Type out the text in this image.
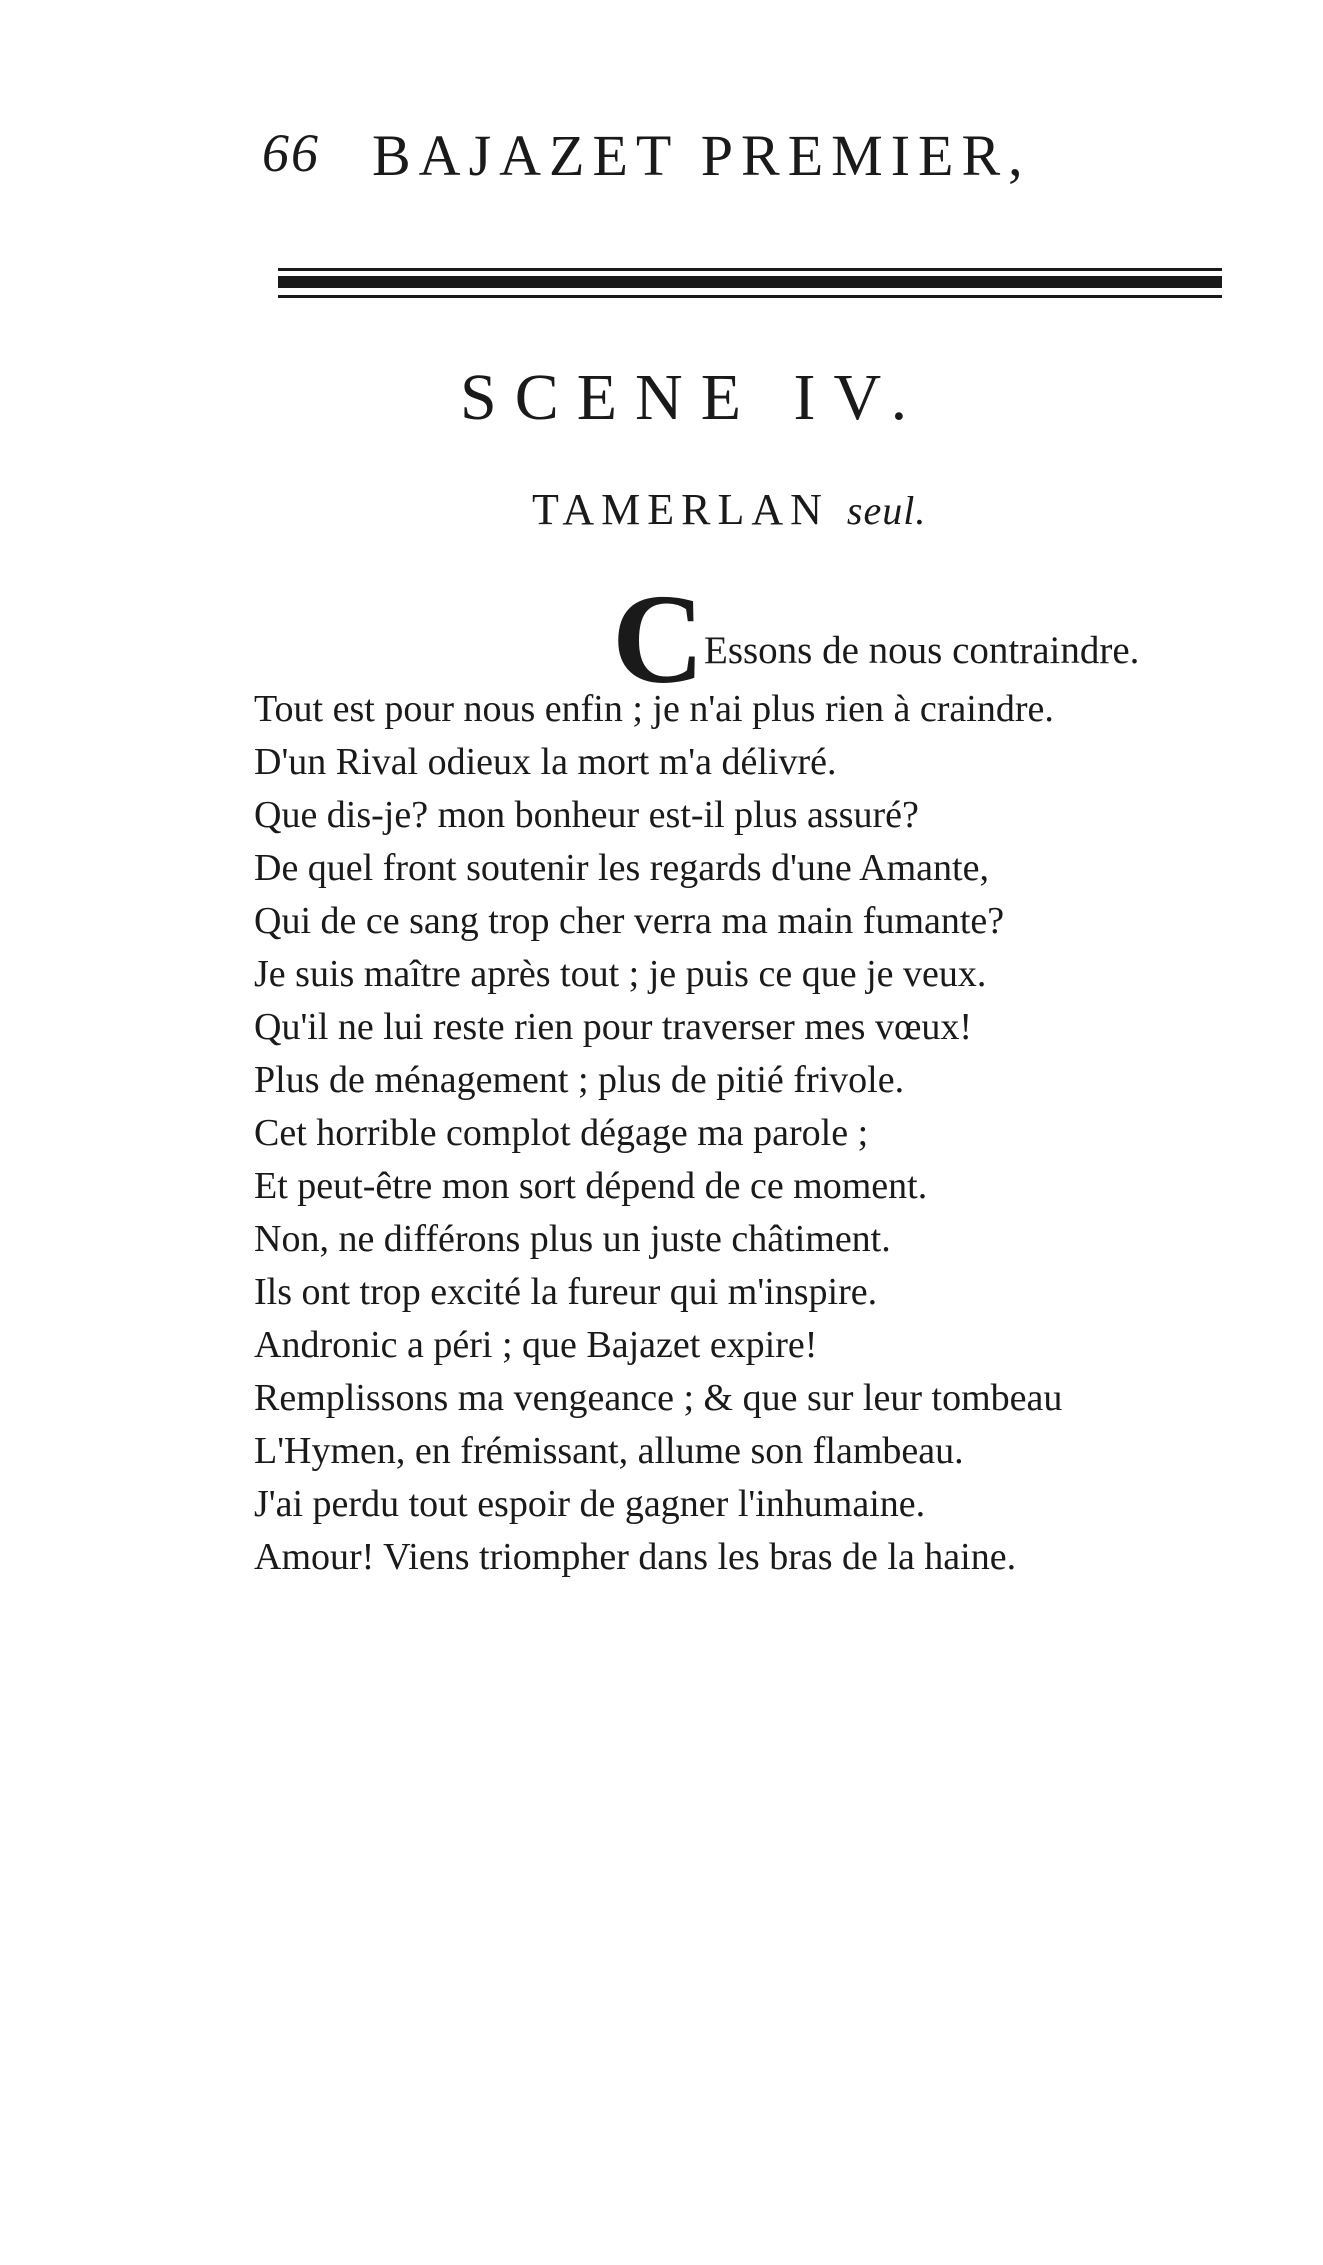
66 BAJAZET PREMIER,
SCENE IV.
TAMERLAN seul.
C Essons de nous contraindre.
Tout est pour nous enfin ; je n'ai plus rien à craindre.
D'un Rival odieux la mort m'a délivré.
Que dis-je? mon bonheur est-il plus assuré?
De quel front soutenir les regards d'une Amante,
Qui de ce sang trop cher verra ma main fumante?
Je suis maître après tout ; je puis ce que je veux.
Qu'il ne lui reste rien pour traverser mes vœux!
Plus de ménagement ; plus de pitié frivole.
Cet horrible complot dégage ma parole ;
Et peut-être mon sort dépend de ce moment.
Non, ne différons plus un juste châtiment.
Ils ont trop excité la fureur qui m'inspire.
Andronic a péri ; que Bajazet expire!
Remplissons ma vengeance ; & que sur leur tombeau
L'Hymen, en frémissant, allume son flambeau.
J'ai perdu tout espoir de gagner l'inhumaine.
Amour! Viens triompher dans les bras de la haine.
